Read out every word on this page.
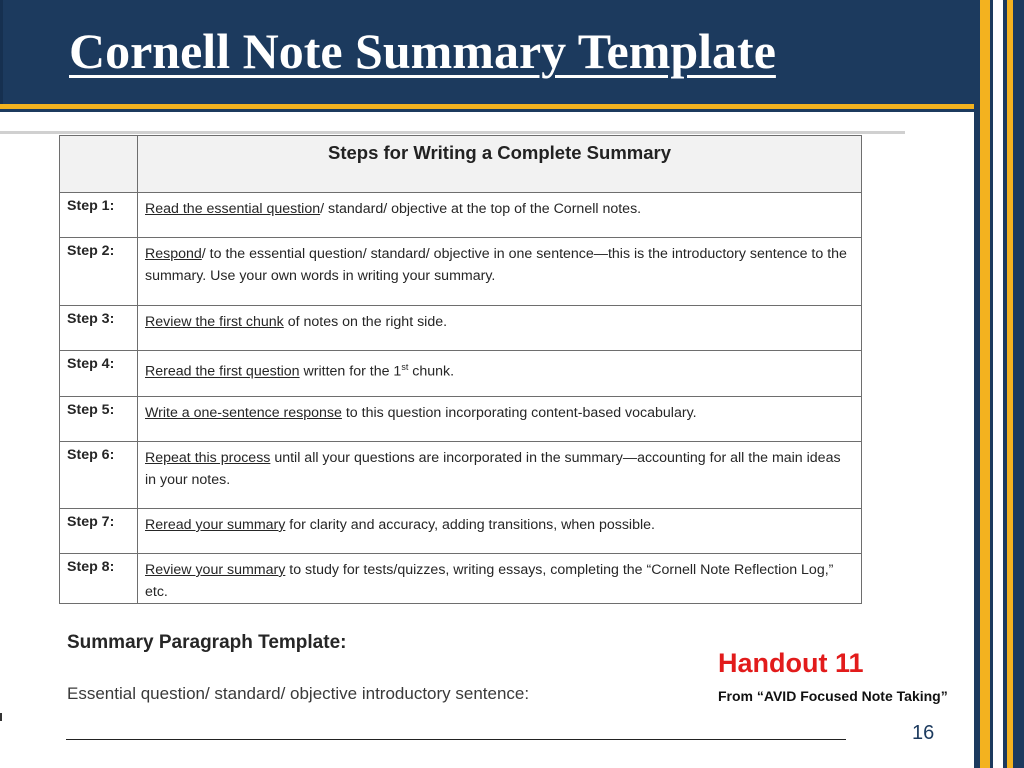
Cornell Note Summary Template

	Steps for Writing a Complete Summary

Step 1:	Read the essential question/ standard/ objective at the top of the Cornell notes.
Step 2:	Respond/ to the essential question/ standard/ objective in one sentence—this is the introductory sentence to the summary. Use your own words in writing your summary.
Step 3:	Review the first chunk of notes on the right side.
Step 4:	Reread the first question written for the 1st chunk.
Step 5:	Write a one-sentence response to this question incorporating content-based vocabulary.
Step 6:	Repeat this process until all your questions are incorporated in the summary—accounting for all the main ideas in your notes.
Step 7:	Reread your summary for clarity and accuracy, adding transitions, when possible.
Step 8:	Review your summary to study for tests/quizzes, writing essays, completing the “Cornell Note Reflection Log,” etc.
Summary Paragraph Template:
Essential question/ standard/ objective introductory sentence:
Handout 11
From “AVID Focused Note Taking”
16
